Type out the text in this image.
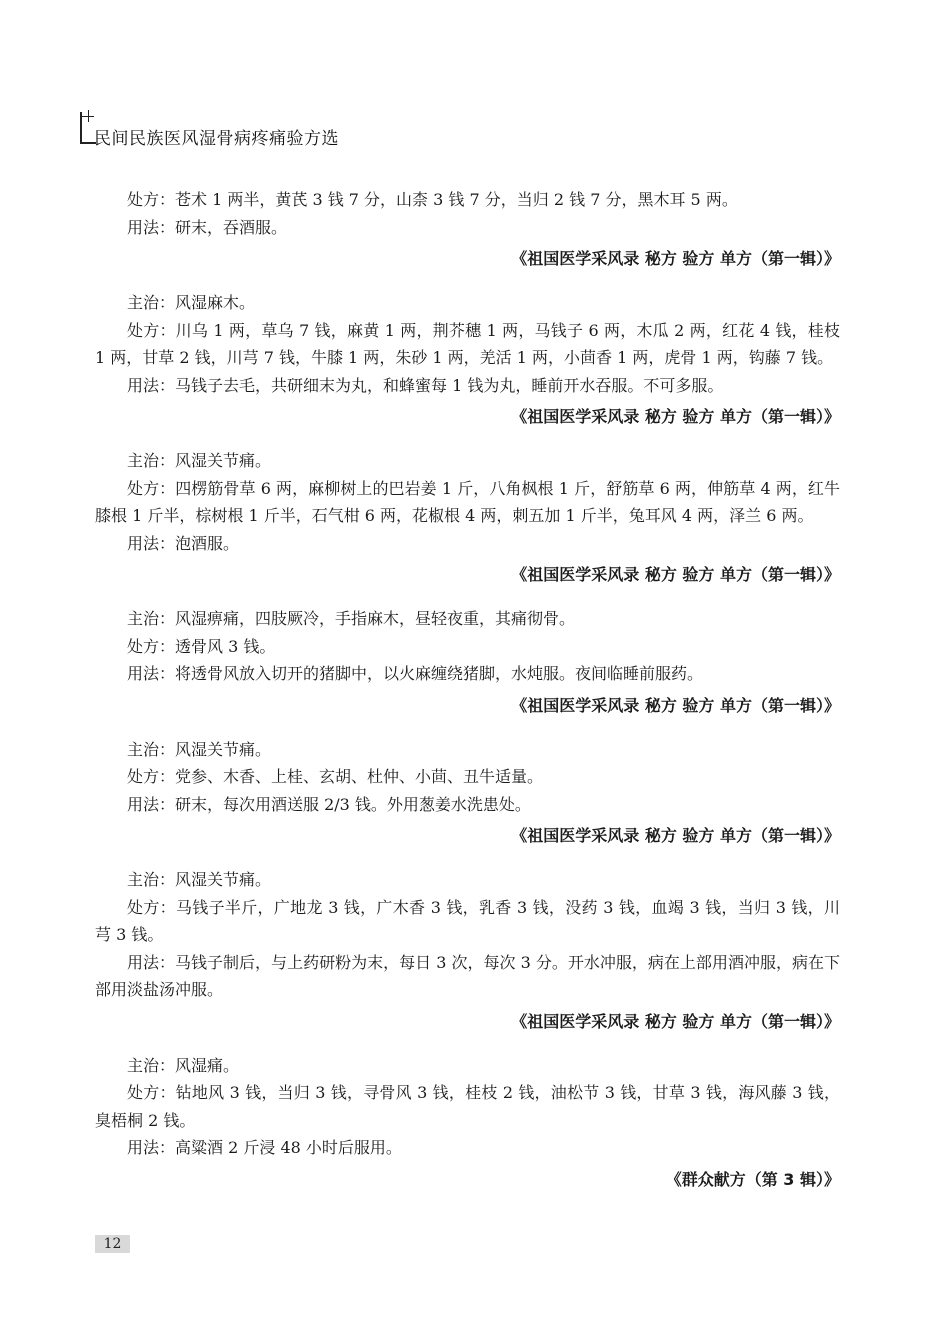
民间民族医风湿骨病疼痛验方选

处方：苍术 1 两半，黄芪 3 钱 7 分，山柰 3 钱 7 分，当归 2 钱 7 分，黑木耳 5 两。

用法：研末，吞酒服。

《祖国医学采风录 秘方 验方 单方（第一辑）》

主治：风湿麻木。

处方：川乌 1 两，草乌 7 钱，麻黄 1 两，荆芥穗 1 两，马钱子 6 两，木瓜 2 两，红花 4 钱，桂枝 1 两，甘草 2 钱，川芎 7 钱，牛膝 1 两，朱砂 1 两，羌活 1 两，小茴香 1 两，虎骨 1 两，钩藤 7 钱。

用法：马钱子去毛，共研细末为丸，和蜂蜜每 1 钱为丸，睡前开水吞服。不可多服。

《祖国医学采风录 秘方 验方 单方（第一辑）》

主治：风湿关节痛。

处方：四楞筋骨草 6 两，麻柳树上的巴岩姜 1 斤，八角枫根 1 斤，舒筋草 6 两，伸筋草 4 两，红牛膝根 1 斤半，棕树根 1 斤半，石气柑 6 两，花椒根 4 两，刺五加 1 斤半，兔耳风 4 两，泽兰 6 两。

用法：泡酒服。

《祖国医学采风录 秘方 验方 单方（第一辑）》

主治：风湿痹痛，四肢厥冷，手指麻木，昼轻夜重，其痛彻骨。

处方：透骨风 3 钱。

用法：将透骨风放入切开的猪脚中，以火麻缠绕猪脚，水炖服。夜间临睡前服药。

《祖国医学采风录 秘方 验方 单方（第一辑）》

主治：风湿关节痛。

处方：党参、木香、上桂、玄胡、杜仲、小茴、丑牛适量。

用法：研末，每次用酒送服 2/3 钱。外用葱姜水洗患处。

《祖国医学采风录 秘方 验方 单方（第一辑）》

主治：风湿关节痛。

处方：马钱子半斤，广地龙 3 钱，广木香 3 钱，乳香 3 钱，没药 3 钱，血竭 3 钱，当归 3 钱，川芎 3 钱。

用法：马钱子制后，与上药研粉为末，每日 3 次，每次 3 分。开水冲服，病在上部用酒冲服，病在下部用淡盐汤冲服。

《祖国医学采风录 秘方 验方 单方（第一辑）》

主治：风湿痛。

处方：钻地风 3 钱，当归 3 钱，寻骨风 3 钱，桂枝 2 钱，油松节 3 钱，甘草 3 钱，海风藤 3 钱，臭梧桐 2 钱。

用法：高粱酒 2 斤浸 48 小时后服用。

《群众献方（第 3 辑）》

12
